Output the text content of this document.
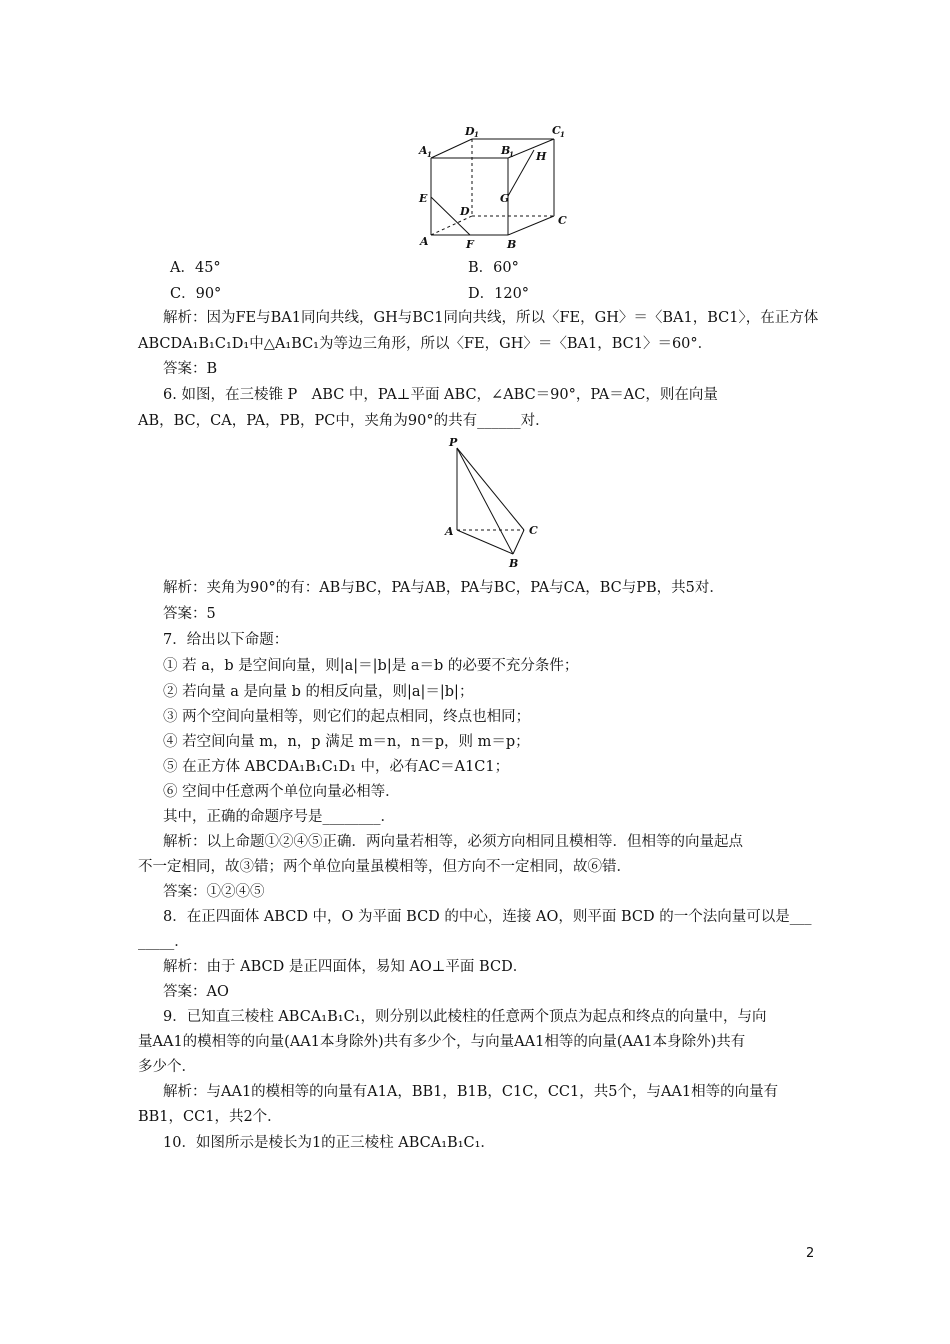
A 1
D 1	C 1
B
1 H
E	G
D
C
A	F	B
A．45°	B．60°
C．90°	D．120°
解析：因为FE与BA1同向共线，GH与BC1同向共线，所以〈FE，GH〉＝〈BA1，BC1〉，在正方体
ABCDA₁B₁C₁D₁中△A₁BC₁为等边三角形，所以〈FE，GH〉＝〈BA1，BC1〉＝60°．
答案：B
6. 如图，在三棱锥 P　ABC 中，PA⊥平面 ABC，∠ABC＝90°，PA＝AC，则在向量
AB，BC，CA，PA，PB，PC中，夹角为90°的共有______对．
P
A	C
B
解析：夹角为90°的有：AB与BC，PA与AB，PA与BC，PA与CA，BC与PB，共5对．
答案：5
7．给出以下命题：
① 若 a，b 是空间向量，则|a|＝|b|是 a＝b 的必要不充分条件；
② 若向量 a 是向量 b 的相反向量，则|a|＝|b|；
③ 两个空间向量相等，则它们的起点相同，终点也相同；
④ 若空间向量 m，n，p 满足 m＝n，n＝p，则 m＝p；
⑤ 在正方体 ABCDA₁B₁C₁D₁ 中，必有AC＝A1C1；
⑥ 空间中任意两个单位向量必相等．
其中，正确的命题序号是________．
解析：以上命题①②④⑤正确．两向量若相等，必须方向相同且模相等．但相等的向量起点
不一定相同，故③错；两个单位向量虽模相等，但方向不一定相同，故⑥错．
答案：①②④⑤
8．在正四面体 ABCD 中，O 为平面 BCD 的中心，连接 AO，则平面 BCD 的一个法向量可以是___
_____．
解析：由于 ABCD 是正四面体，易知 AO⊥平面 BCD．
答案：AO
9．已知直三棱柱 ABCA₁B₁C₁，则分别以此棱柱的任意两个顶点为起点和终点的向量中，与向
量AA1的模相等的向量(AA1本身除外)共有多少个，与向量AA1相等的向量(AA1本身除外)共有
多少个．
解析：与AA1的模相等的向量有A1A，BB1，B1B，C1C，CC1，共5个，与AA1相等的向量有
BB1，CC1，共2个．
10．如图所示是棱长为1的正三棱柱 ABCA₁B₁C₁．
2
